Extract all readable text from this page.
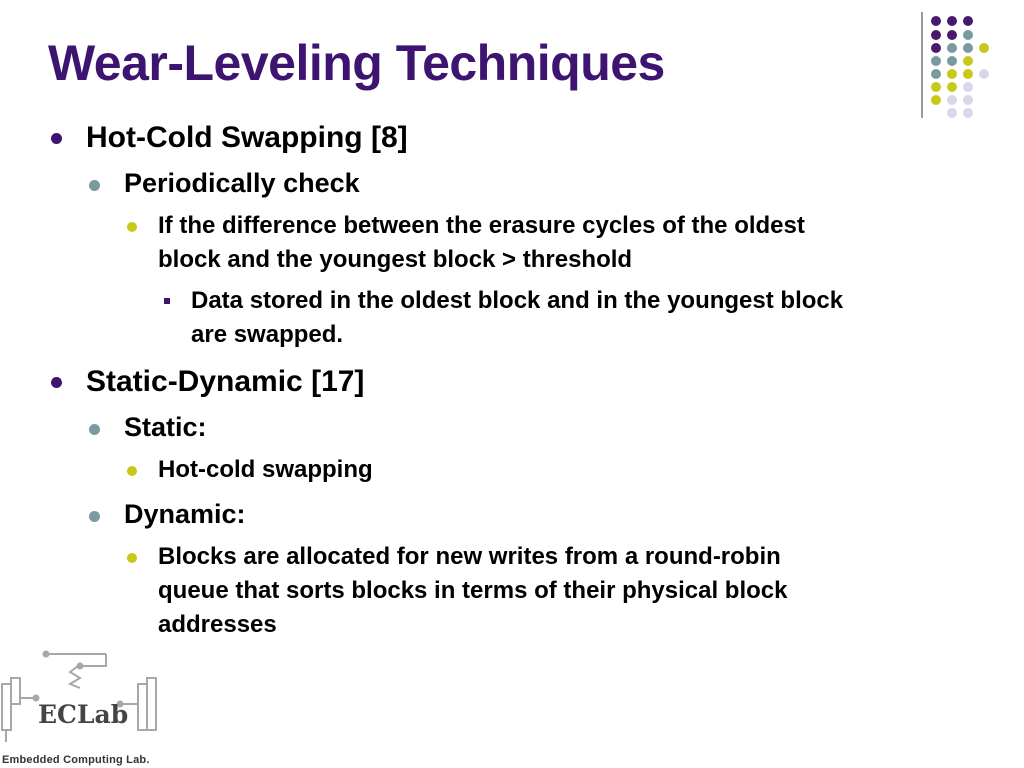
Wear-Leveling Techniques
Hot-Cold Swapping [8]
Periodically check
If the difference between the erasure cycles of the oldest
block and the youngest block > threshold
Data stored in the oldest block and in the youngest block
are swapped.
Static-Dynamic [17]
Static:
Hot-cold swapping
Dynamic:
Blocks are allocated for new writes from a round-robin
queue that sorts blocks in terms of their physical block
addresses
ECLab
Embedded Computing Lab.
